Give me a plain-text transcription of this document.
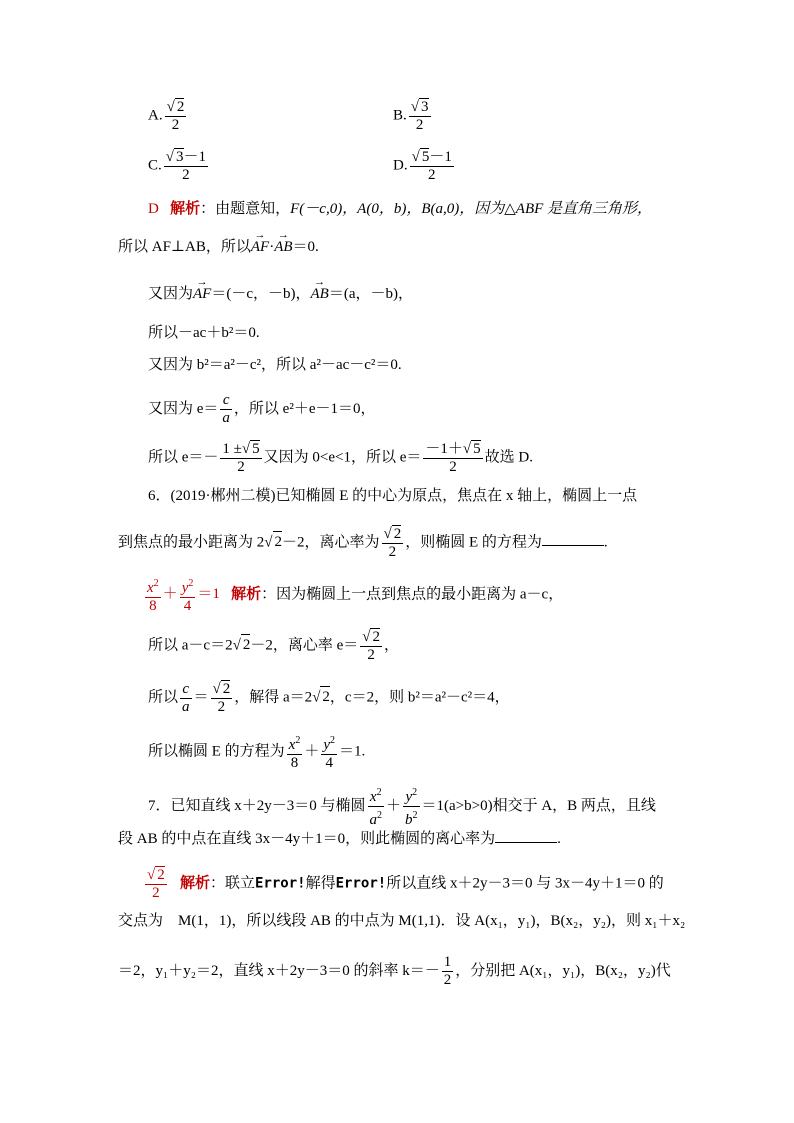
A. $\frac{√ 2}{2}$	B. $\frac{√ 3}{2}$
C. $\frac{√ 3-1}{2}$	D. $\frac{√ 5-1}{2}$
D 解析：由题意知，F(－c,0)，A(0，b)，B(a,0)，因为△ABF 是直角三角形，
所以 AF⊥AB，所以→ AF·→ AB＝0.
又因为→ AF＝(－c，－b)，→ AB＝(a，－b)，
所以－ac＋b²＝0.
又因为 b²＝a²－c²，所以 a²－ac－c²＝0.
又因为 $e= \frac{c}{a}$ ，所以 e²＋e－1＝0，
所以 $e=- \frac{1 \pm√ 5}{2}$ 又因为 0<e<1，所以 $e= \frac{-1+√ 5}{2}$ 故选 D.
6．(2019·郴州二模)已知椭圆 E 的中心为原点，焦点在 x 轴上，椭圆上一点
到焦点的最小距离为 2√ 2－2，离心率为 $\frac{√ 2}{2}$ ，则椭圆 E 的方程为	.
$\frac{x^2}{8} + \frac{y^2}{4} =1$ 解析：因为椭圆上一点到焦点的最小距离为 a－c，
所以 a－c＝2√ 2－2，离心率 $e= \frac{√ 2}{2}$ ，
所以 $\frac{c}{a} = \frac{√ 2}{2}$ ，解得 a＝2√ 2，c＝2，则 b²＝a²－c²＝4，
所以椭圆 E 的方程为 $\frac{x^2}{8} + \frac{y^2}{4} =1$.
7．已知直线 x＋2y－3＝0 与椭圆 $\frac{x^2}{a^2} + \frac{y^2}{b^2} =1(a>b>0)$相交于 A，B 两点，且线
段 AB 的中点在直线 3x－4y＋1＝0，则此椭圆的离心率为	.
$\frac{√ 2}{2}$ 解析：联立Error!解得Error!所以直线 x＋2y－3＝0 与 3x－4y＋1＝0 的
交点为　M(1，1)，所以线段 AB 的中点为 M(1,1)．设 A(x₁，y₁)，B(x₂，y₂)，则 x₁＋x₂
＝2，y₁＋y₂＝2，直线 x＋2y－3＝0 的斜率 $k=- \frac{1}{2}$ ，分别把 A(x₁，y₁)，B(x₂，y₂)代
